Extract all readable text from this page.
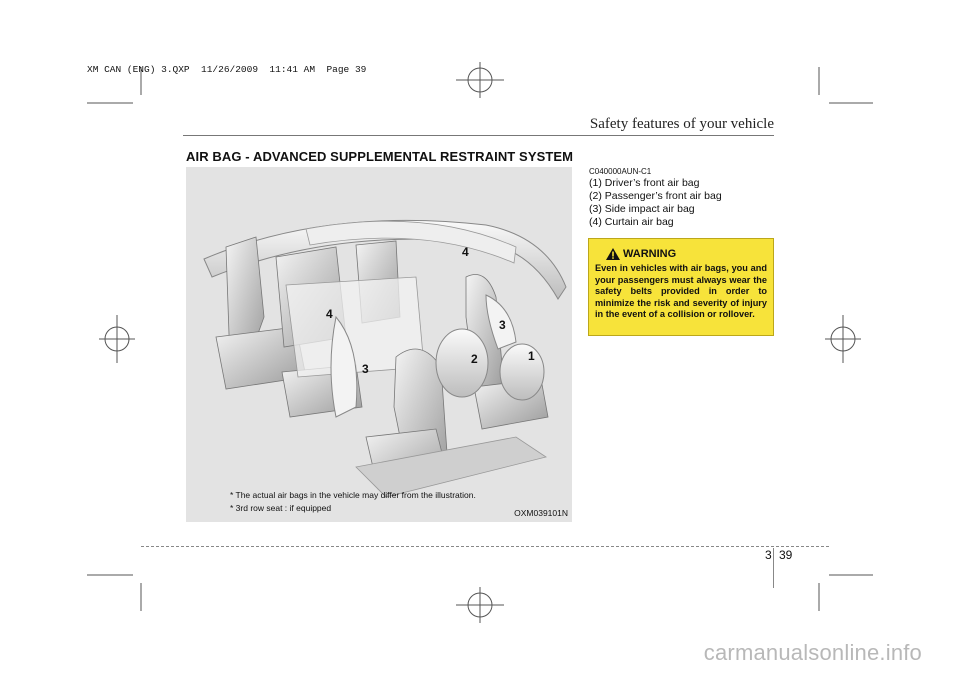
XM CAN (ENG) 3.QXP  11/26/2009  11:41 AM  Page 39
Safety features of your vehicle
AIR BAG - ADVANCED SUPPLEMENTAL RESTRAINT SYSTEM
1
2
3
3
4
4
* The actual air bags in the vehicle may differ from the illustration.
* 3rd row seat : if equipped
OXM039101N
C040000AUN-C1
(1) Driver’s front air bag
(2) Passenger’s front air bag
(3) Side impact air bag
(4) Curtain air bag
WARNING
Even in vehicles with air bags, you and your passengers must always wear the safety belts provided in order to minimize the risk and severity of injury in the event of a collision or rollover.
3 39
carmanualsonline.info
